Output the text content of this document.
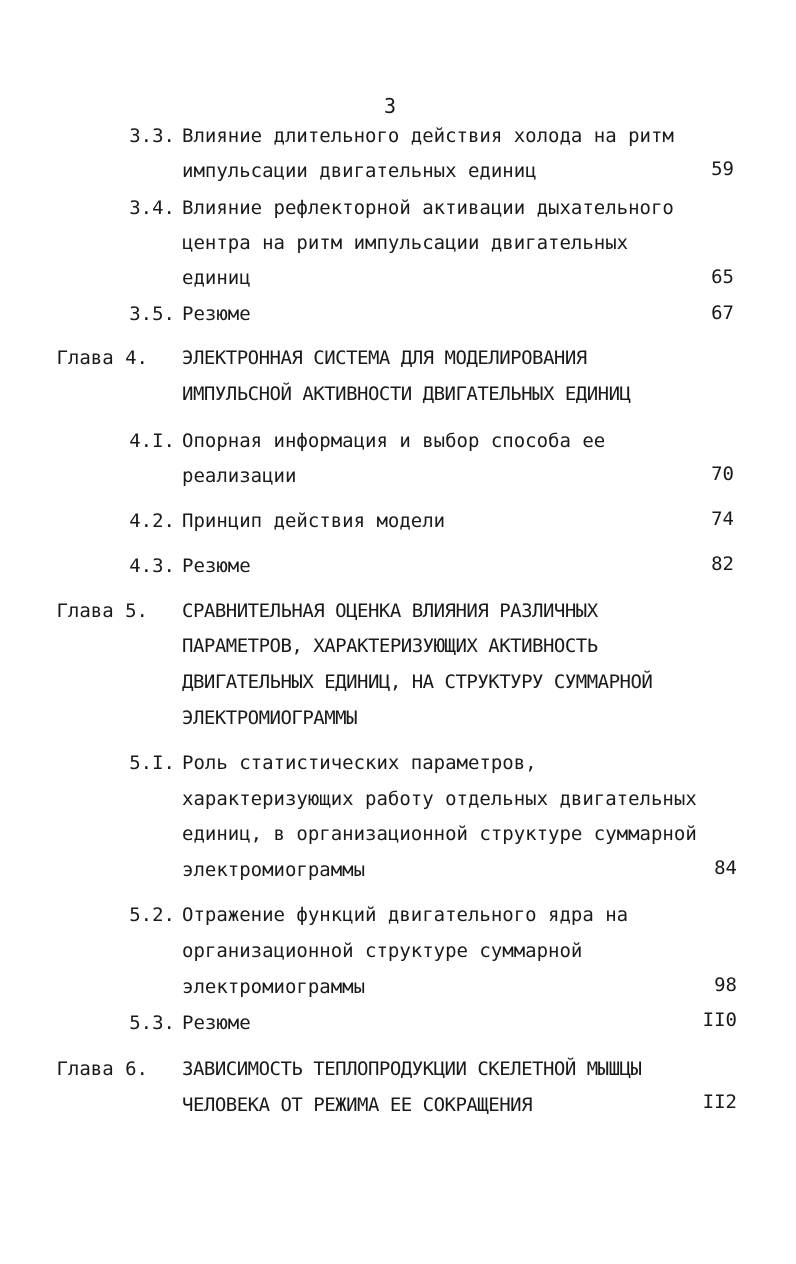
3
3.3. Влияние длительного действия холода на ритм
импульсации двигательных единиц	59
3.4. Влияние рефлекторной активации дыхательного
центра на ритм импульсации двигательных
единиц	65
3.5. Резюме	67
Глава 4. ЭЛЕКТРОННАЯ СИСТЕМА ДЛЯ МОДЕЛИРОВАНИЯ
ИМПУЛЬСНОЙ АКТИВНОСТИ ДВИГАТЕЛЬНЫХ ЕДИНИЦ
4.I. Опорная информация и выбор способа ее
реализации	70
4.2. Принцип действия модели	74
4.3. Резюме	82
Глава 5. СРАВНИТЕЛЬНАЯ ОЦЕНКА ВЛИЯНИЯ РАЗЛИЧНЫХ
ПАРАМЕТРОВ, ХАРАКТЕРИЗУЮЩИХ АКТИВНОСТЬ
ДВИГАТЕЛЬНЫХ ЕДИНИЦ, НА СТРУКТУРУ СУММАРНОЙ
ЭЛЕКТРОМИОГРАММЫ
5.I. Роль статистических параметров,
характеризующих работу отдельных двигательных
единиц, в организационной структуре суммарной
электромиограммы	84
5.2. Отражение функций двигательного ядра на
организационной структуре суммарной
электромиограммы	98
5.3. Резюме	II0
Глава 6. ЗАВИСИМОСТЬ ТЕПЛОПРОДУКЦИИ СКЕЛЕТНОЙ МЫШЦЫ
ЧЕЛОВЕКА ОТ РЕЖИМА ЕЕ СОКРАЩЕНИЯ	II2
